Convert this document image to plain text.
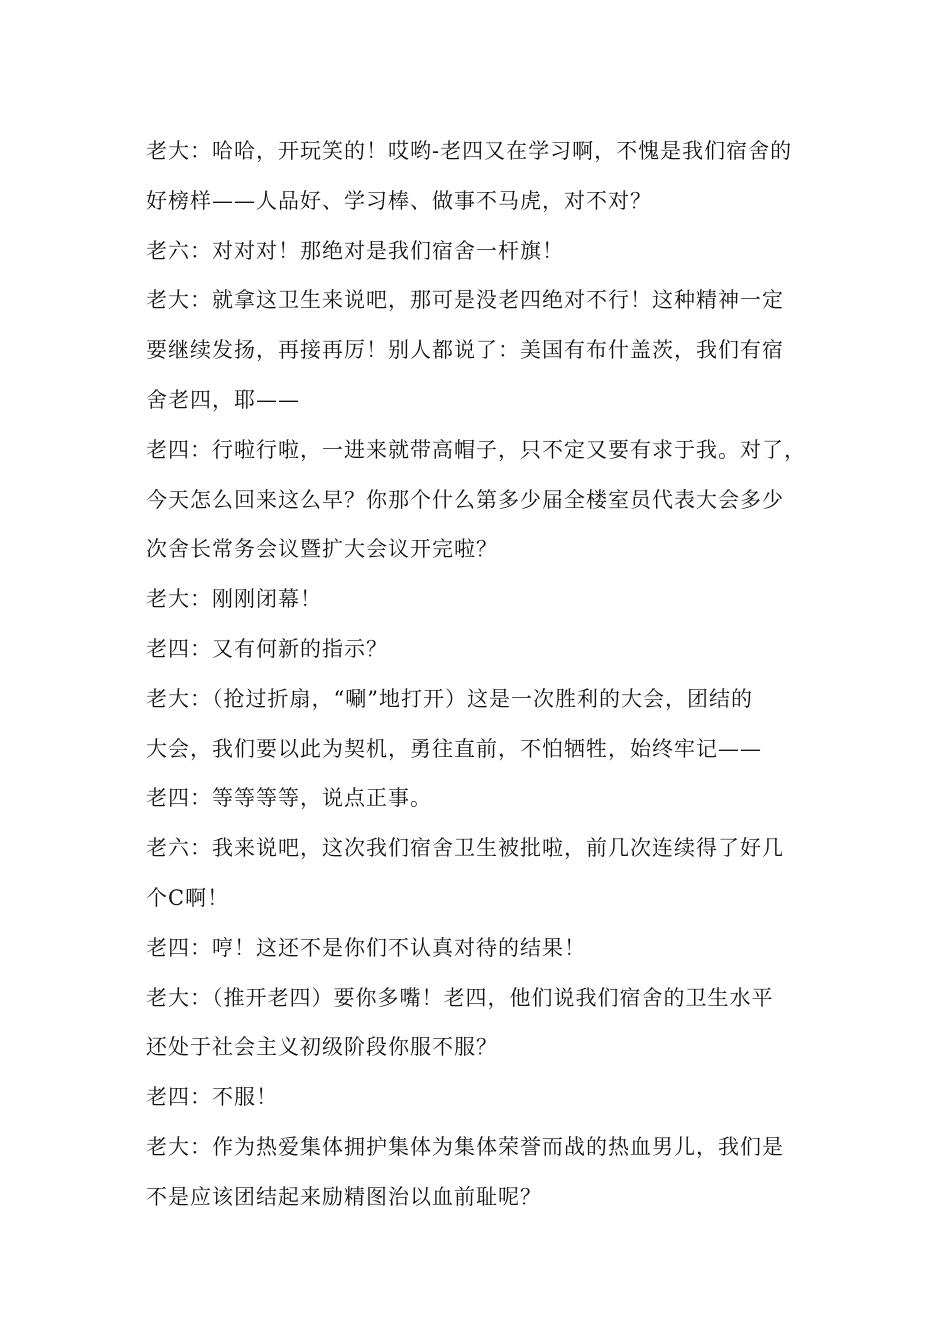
老大：哈哈，开玩笑的！哎哟-老四又在学习啊，不愧是我们宿舍的
好榜样——人品好、学习棒、做事不马虎，对不对？
老六：对对对！那绝对是我们宿舍一杆旗！
老大：就拿这卫生来说吧，那可是没老四绝对不行！这种精神一定
要继续发扬，再接再厉！别人都说了：美国有布什盖茨，我们有宿
舍老四，耶——
老四：行啦行啦，一进来就带高帽子，只不定又要有求于我。对了，
今天怎么回来这么早？你那个什么第多少届全楼室员代表大会多少
次舍长常务会议暨扩大会议开完啦？
老大：刚刚闭幕！
老四：又有何新的指示？
老大：（抢过折扇，“唰”地打开）这是一次胜利的大会，团结的
大会，我们要以此为契机，勇往直前，不怕牺牲，始终牢记——
老四：等等等等，说点正事。
老六：我来说吧，这次我们宿舍卫生被批啦，前几次连续得了好几
个C啊！
老四：哼！这还不是你们不认真对待的结果！
老大：（推开老四）要你多嘴！老四，他们说我们宿舍的卫生水平
还处于社会主义初级阶段你服不服？
老四：不服！
老大：作为热爱集体拥护集体为集体荣誉而战的热血男儿，我们是
不是应该团结起来励精图治以血前耻呢？
